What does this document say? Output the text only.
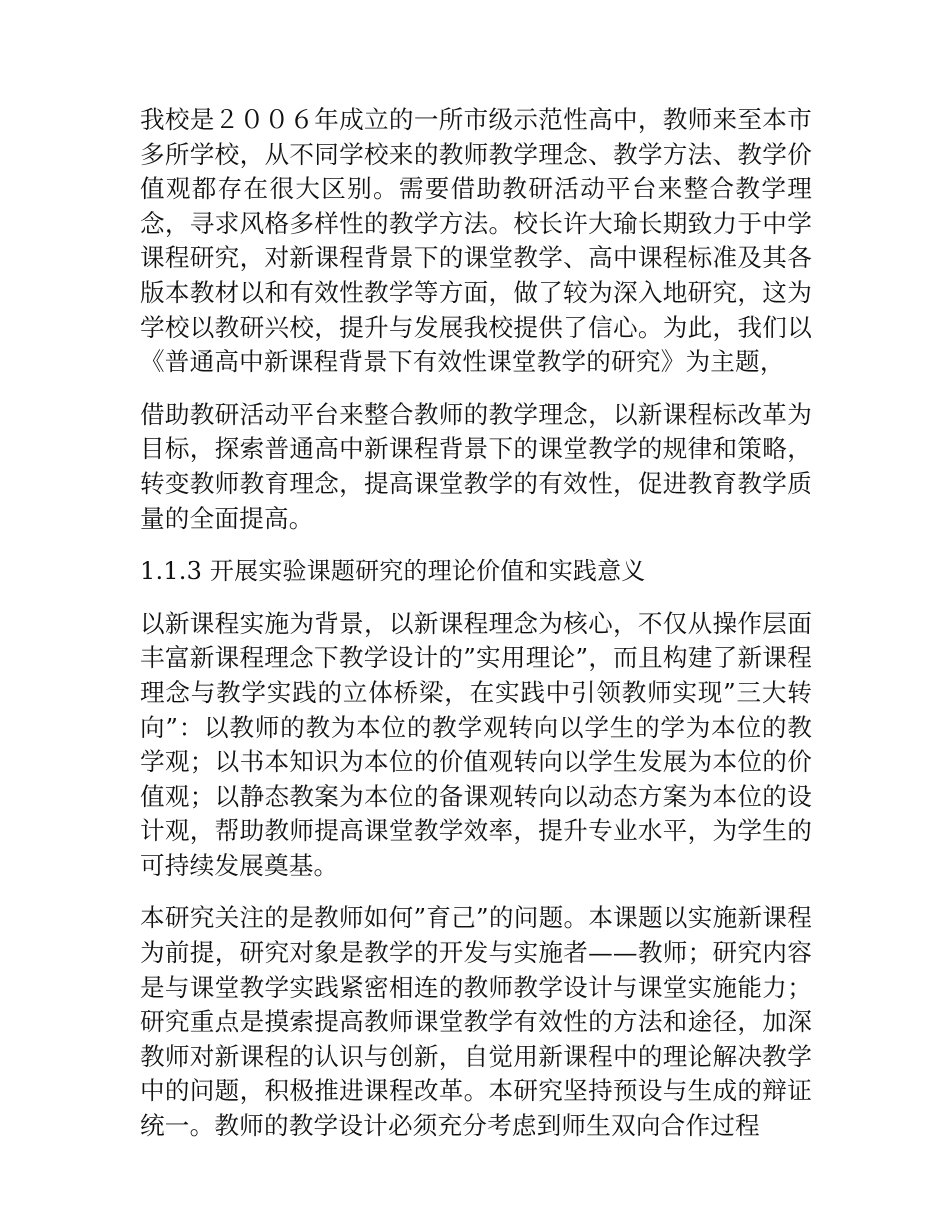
我校是２００６年成立的一所市级示范性高中，教师来至本市多所学校，从不同学校来的教师教学理念、教学方法、教学价值观都存在很大区别。需要借助教研活动平台来整合教学理念，寻求风格多样性的教学方法。校长许大瑜长期致力于中学课程研究，对新课程背景下的课堂教学、高中课程标准及其各版本教材以和有效性教学等方面，做了较为深入地研究，这为学校以教研兴校，提升与发展我校提供了信心。为此，我们以《普通高中新课程背景下有效性课堂教学的研究》为主题，

借助教研活动平台来整合教师的教学理念，以新课程标改革为目标，探索普通高中新课程背景下的课堂教学的规律和策略，转变教师教育理念，提高课堂教学的有效性，促进教育教学质量的全面提高。

1.1.3 开展实验课题研究的理论价值和实践意义

以新课程实施为背景，以新课程理念为核心，不仅从操作层面丰富新课程理念下教学设计的”实用理论”，而且构建了新课程理念与教学实践的立体桥梁，在实践中引领教师实现”三大转向”：以教师的教为本位的教学观转向以学生的学为本位的教学观；以书本知识为本位的价值观转向以学生发展为本位的价值观；以静态教案为本位的备课观转向以动态方案为本位的设计观，帮助教师提高课堂教学效率，提升专业水平，为学生的可持续发展奠基。

本研究关注的是教师如何”育己”的问题。本课题以实施新课程为前提，研究对象是教学的开发与实施者——教师；研究内容是与课堂教学实践紧密相连的教师教学设计与课堂实施能力；研究重点是摸索提高教师课堂教学有效性的方法和途径，加深教师对新课程的认识与创新，自觉用新课程中的理论解决教学中的问题，积极推进课程改革。本研究坚持预设与生成的辩证统一。教师的教学设计必须充分考虑到师生双向合作过程
